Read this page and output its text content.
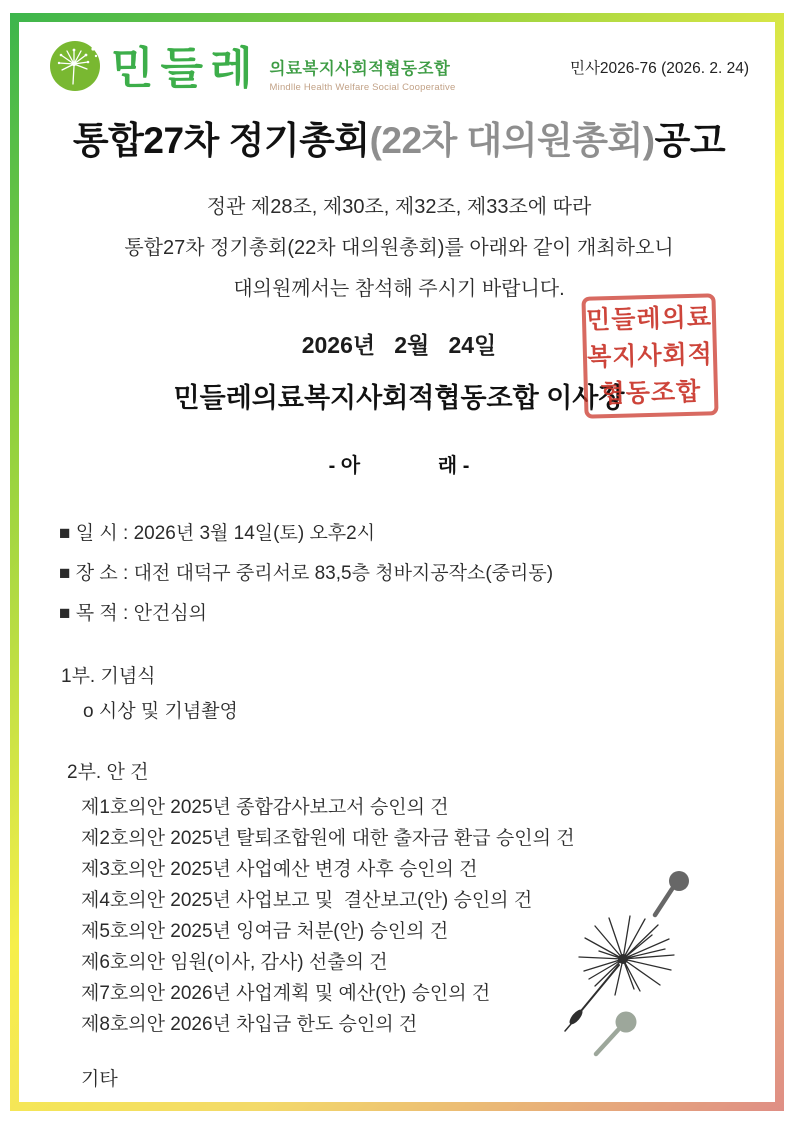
민들레 의료복지사회적협동조합
Mindlle Health Welfare Social Cooperative
민사2026-76 (2026. 2. 24)
통합27차 정기총회(22차 대의원총회)공고
정관 제28조, 제30조, 제32조, 제33조에 따라
통합27차 정기총회(22차 대의원총회)를 아래와 같이 개최하오니
대의원께서는 참석해 주시기 바랍니다.
2026년   2월   24일
민들레의료복지사회적협동조합 이사장
민들레의료
복지사회적
협동조합
- 아              래 -
■ 일 시 : 2026년 3월 14일(토) 오후2시
■ 장 소 : 대전 대덕구 중리서로 83,5층 청바지공작소(중리동)
■ 목 적 : 안건심의
1부. 기념식
o 시상 및 기념촬영
2부. 안 건
제1호의안 2025년 종합감사보고서 승인의 건
제2호의안 2025년 탈퇴조합원에 대한 출자금 환급 승인의 건
제3호의안 2025년 사업예산 변경 사후 승인의 건
제4호의안 2025년 사업보고 및  결산보고(안) 승인의 건
제5호의안 2025년 잉여금 처분(안) 승인의 건
제6호의안 임원(이사, 감사) 선출의 건
제7호의안 2026년 사업계획 및 예산(안) 승인의 건
제8호의안 2026년 차입금 한도 승인의 건
기타
